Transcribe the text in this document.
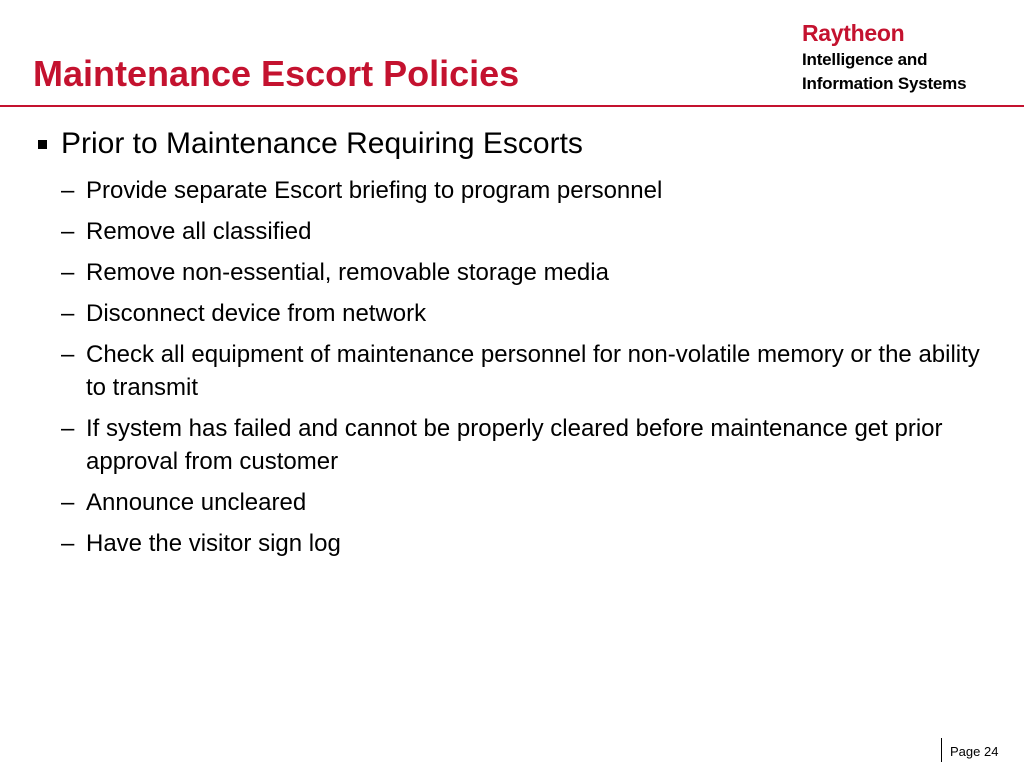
Maintenance Escort Policies
Raytheon
Intelligence and
Information Systems
Prior to Maintenance Requiring Escorts
– Provide separate Escort briefing to program personnel
– Remove all classified
– Remove non-essential, removable storage media
– Disconnect device from network
– Check all equipment of maintenance personnel for non-volatile memory or the ability to transmit
– If system has failed and cannot be properly cleared before maintenance get prior approval from customer
– Announce uncleared
– Have the visitor sign log
Page 24
